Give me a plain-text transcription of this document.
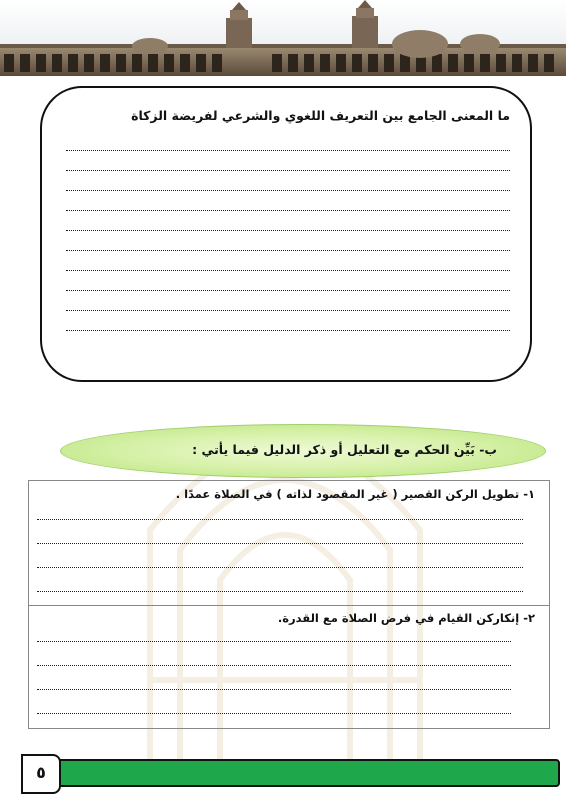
ما المعنى الجامع بين التعريف اللغوي والشرعي لفريضة الزكاة
ب- بَيِّن الحكم مع التعليل أو ذكر الدليل فيما يأتي :
١- تطويل الركن القصير ( غير المقصود لذاته ) في الصلاة عمدًا .
٢- إنكاركن القيام في فرض الصلاة مع القدرة.
٥
